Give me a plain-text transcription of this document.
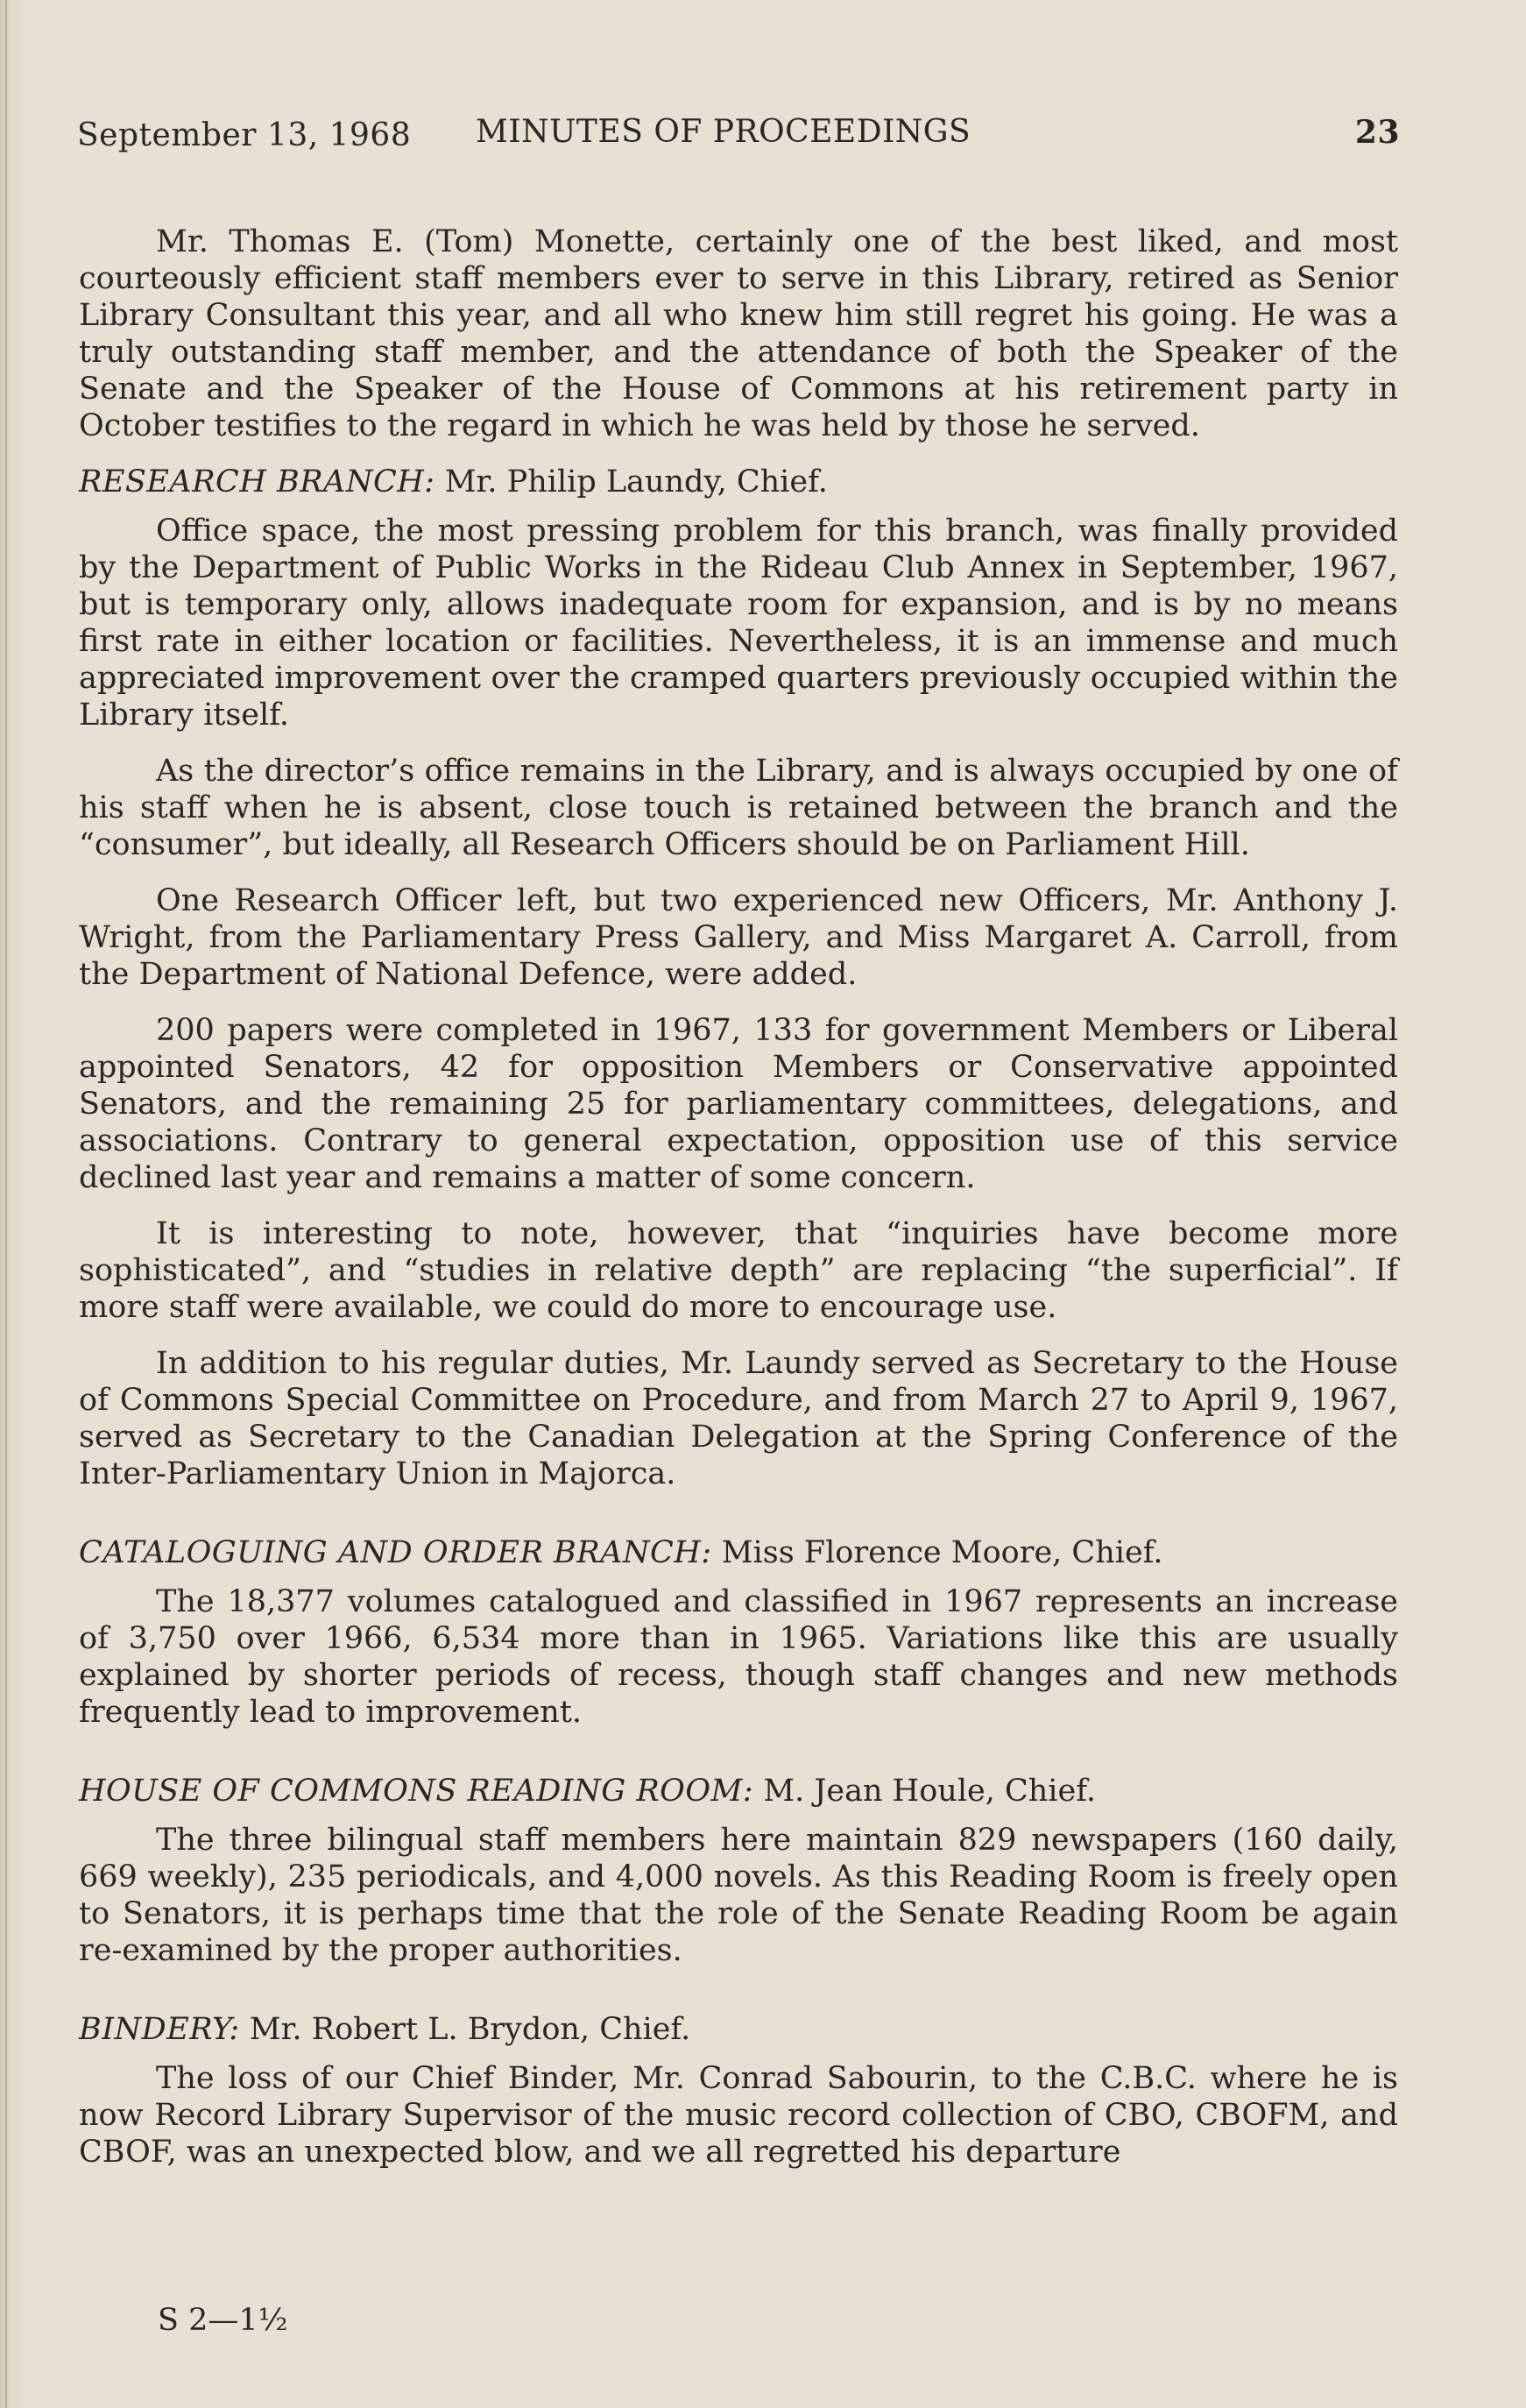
September 13, 1968 MINUTES OF PROCEEDINGS	23

Mr. Thomas E. (Tom) Monette, certainly one of the best liked, and most courteously efficient staff members ever to serve in this Library, retired as Senior Library Consultant this year, and all who knew him still regret his going. He was a truly outstanding staff member, and the attendance of both the Speaker of the Senate and the Speaker of the House of Commons at his retirement party in October testifies to the regard in which he was held by those he served.

RESEARCH BRANCH: Mr. Philip Laundy, Chief.

Office space, the most pressing problem for this branch, was finally provided by the Department of Public Works in the Rideau Club Annex in September, 1967, but is temporary only, allows inadequate room for expansion, and is by no means first rate in either location or facilities. Nevertheless, it is an immense and much appreciated improvement over the cramped quarters previously occupied within the Library itself.

As the director’s office remains in the Library, and is always occupied by one of his staff when he is absent, close touch is retained between the branch and the “consumer”, but ideally, all Research Officers should be on Parliament Hill.

One Research Officer left, but two experienced new Officers, Mr. Anthony J. Wright, from the Parliamentary Press Gallery, and Miss Margaret A. Carroll, from the Department of National Defence, were added.

200 papers were completed in 1967, 133 for government Members or Liberal appointed Senators, 42 for opposition Members or Conservative appointed Senators, and the remaining 25 for parliamentary committees, delegations, and associations. Contrary to general expectation, opposition use of this service declined last year and remains a matter of some concern.

It is interesting to note, however, that “inquiries have become more sophisticated”, and “studies in relative depth” are replacing “the superficial”. If more staff were available, we could do more to encourage use.

In addition to his regular duties, Mr. Laundy served as Secretary to the House of Commons Special Committee on Procedure, and from March 27 to April 9, 1967, served as Secretary to the Canadian Delegation at the Spring Conference of the Inter-Parliamentary Union in Majorca.

CATALOGUING AND ORDER BRANCH: Miss Florence Moore, Chief.

The 18,377 volumes catalogued and classified in 1967 represents an increase of 3,750 over 1966, 6,534 more than in 1965. Variations like this are usually explained by shorter periods of recess, though staff changes and new methods frequently lead to improvement.

HOUSE OF COMMONS READING ROOM: M. Jean Houle, Chief.

The three bilingual staff members here maintain 829 newspapers (160 daily, 669 weekly), 235 periodicals, and 4,000 novels. As this Reading Room is freely open to Senators, it is perhaps time that the role of the Senate Reading Room be again re-examined by the proper authorities.

BINDERY: Mr. Robert L. Brydon, Chief.

The loss of our Chief Binder, Mr. Conrad Sabourin, to the C.B.C. where he is now Record Library Supervisor of the music record collection of CBO, CBOFM, and CBOF, was an unexpected blow, and we all regretted his departure

S 2—1½
